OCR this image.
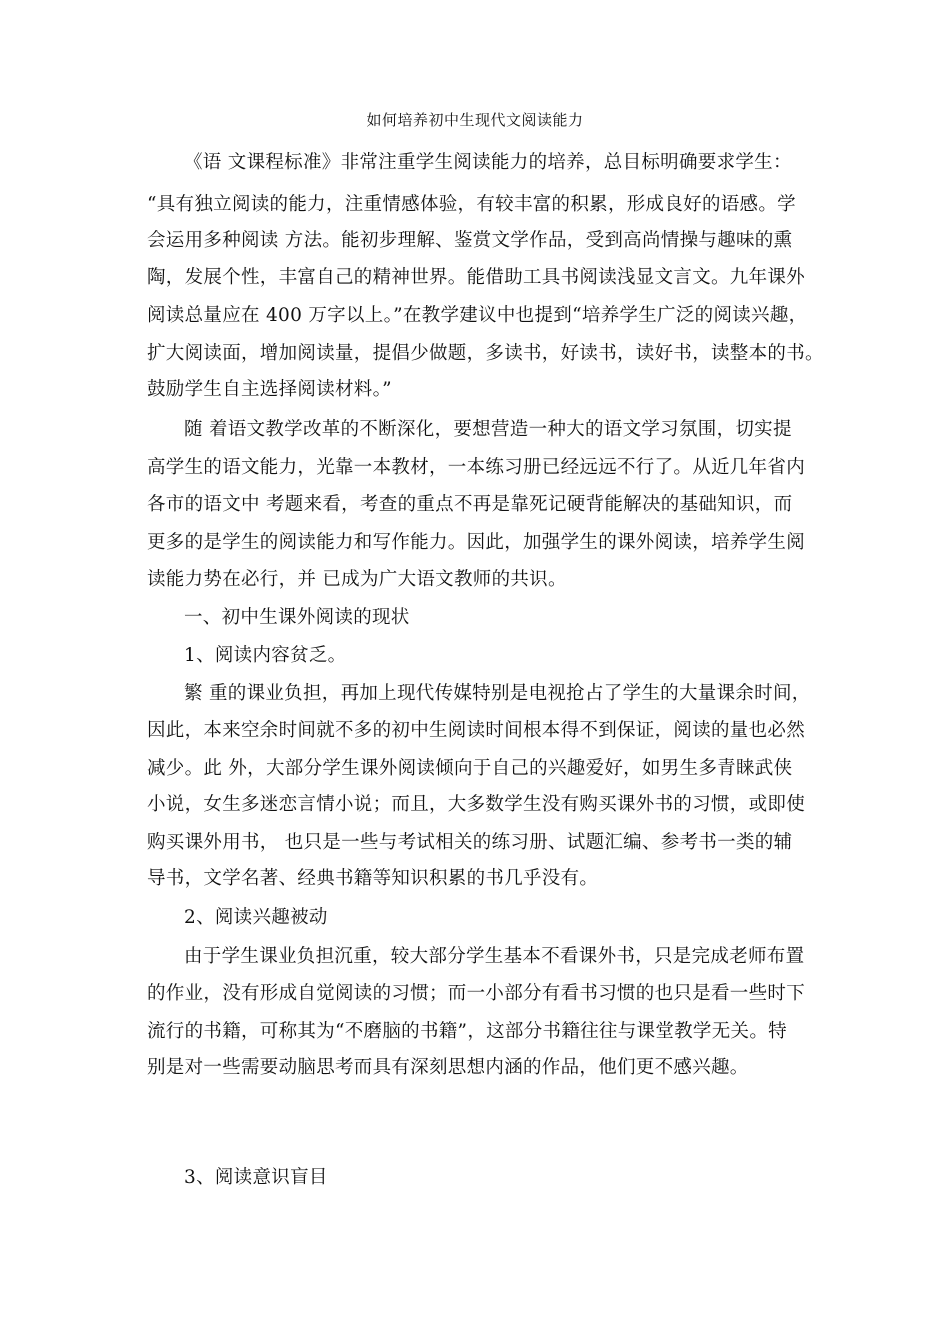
如何培养初中生现代文阅读能力
《语 文课程标准》非常注重学生阅读能力的培养，总目标明确要求学生：
“具有独立阅读的能力，注重情感体验，有较丰富的积累，形成良好的语感。学
会运用多种阅读 方法。能初步理解、鉴赏文学作品，受到高尚情操与趣味的熏
陶，发展个性，丰富自己的精神世界。能借助工具书阅读浅显文言文。九年课外
阅读总量应在 400 万字以上。”在教学建议中也提到“培养学生广泛的阅读兴趣，
扩大阅读面，增加阅读量，提倡少做题，多读书，好读书，读好书，读整本的书。
鼓励学生自主选择阅读材料。”
随 着语文教学改革的不断深化，要想营造一种大的语文学习氛围，切实提
高学生的语文能力，光靠一本教材，一本练习册已经远远不行了。从近几年省内
各市的语文中 考题来看，考查的重点不再是靠死记硬背能解决的基础知识，而
更多的是学生的阅读能力和写作能力。因此，加强学生的课外阅读，培养学生阅
读能力势在必行，并 已成为广大语文教师的共识。
一、初中生课外阅读的现状
1、阅读内容贫乏。
繁 重的课业负担，再加上现代传媒特别是电视抢占了学生的大量课余时间，
因此，本来空余时间就不多的初中生阅读时间根本得不到保证，阅读的量也必然
减少。此 外，大部分学生课外阅读倾向于自己的兴趣爱好，如男生多青睐武侠
小说，女生多迷恋言情小说；而且，大多数学生没有购买课外书的习惯，或即使
购买课外用书， 也只是一些与考试相关的练习册、试题汇编、参考书一类的辅
导书，文学名著、经典书籍等知识积累的书几乎没有。
2、阅读兴趣被动
由于学生课业负担沉重，较大部分学生基本不看课外书，只是完成老师布置
的作业，没有形成自觉阅读的习惯；而一小部分有看书习惯的也只是看一些时下
流行的书籍，可称其为“不磨脑的书籍”，这部分书籍往往与课堂教学无关。特
别是对一些需要动脑思考而具有深刻思想内涵的作品，他们更不感兴趣。
3、阅读意识盲目
